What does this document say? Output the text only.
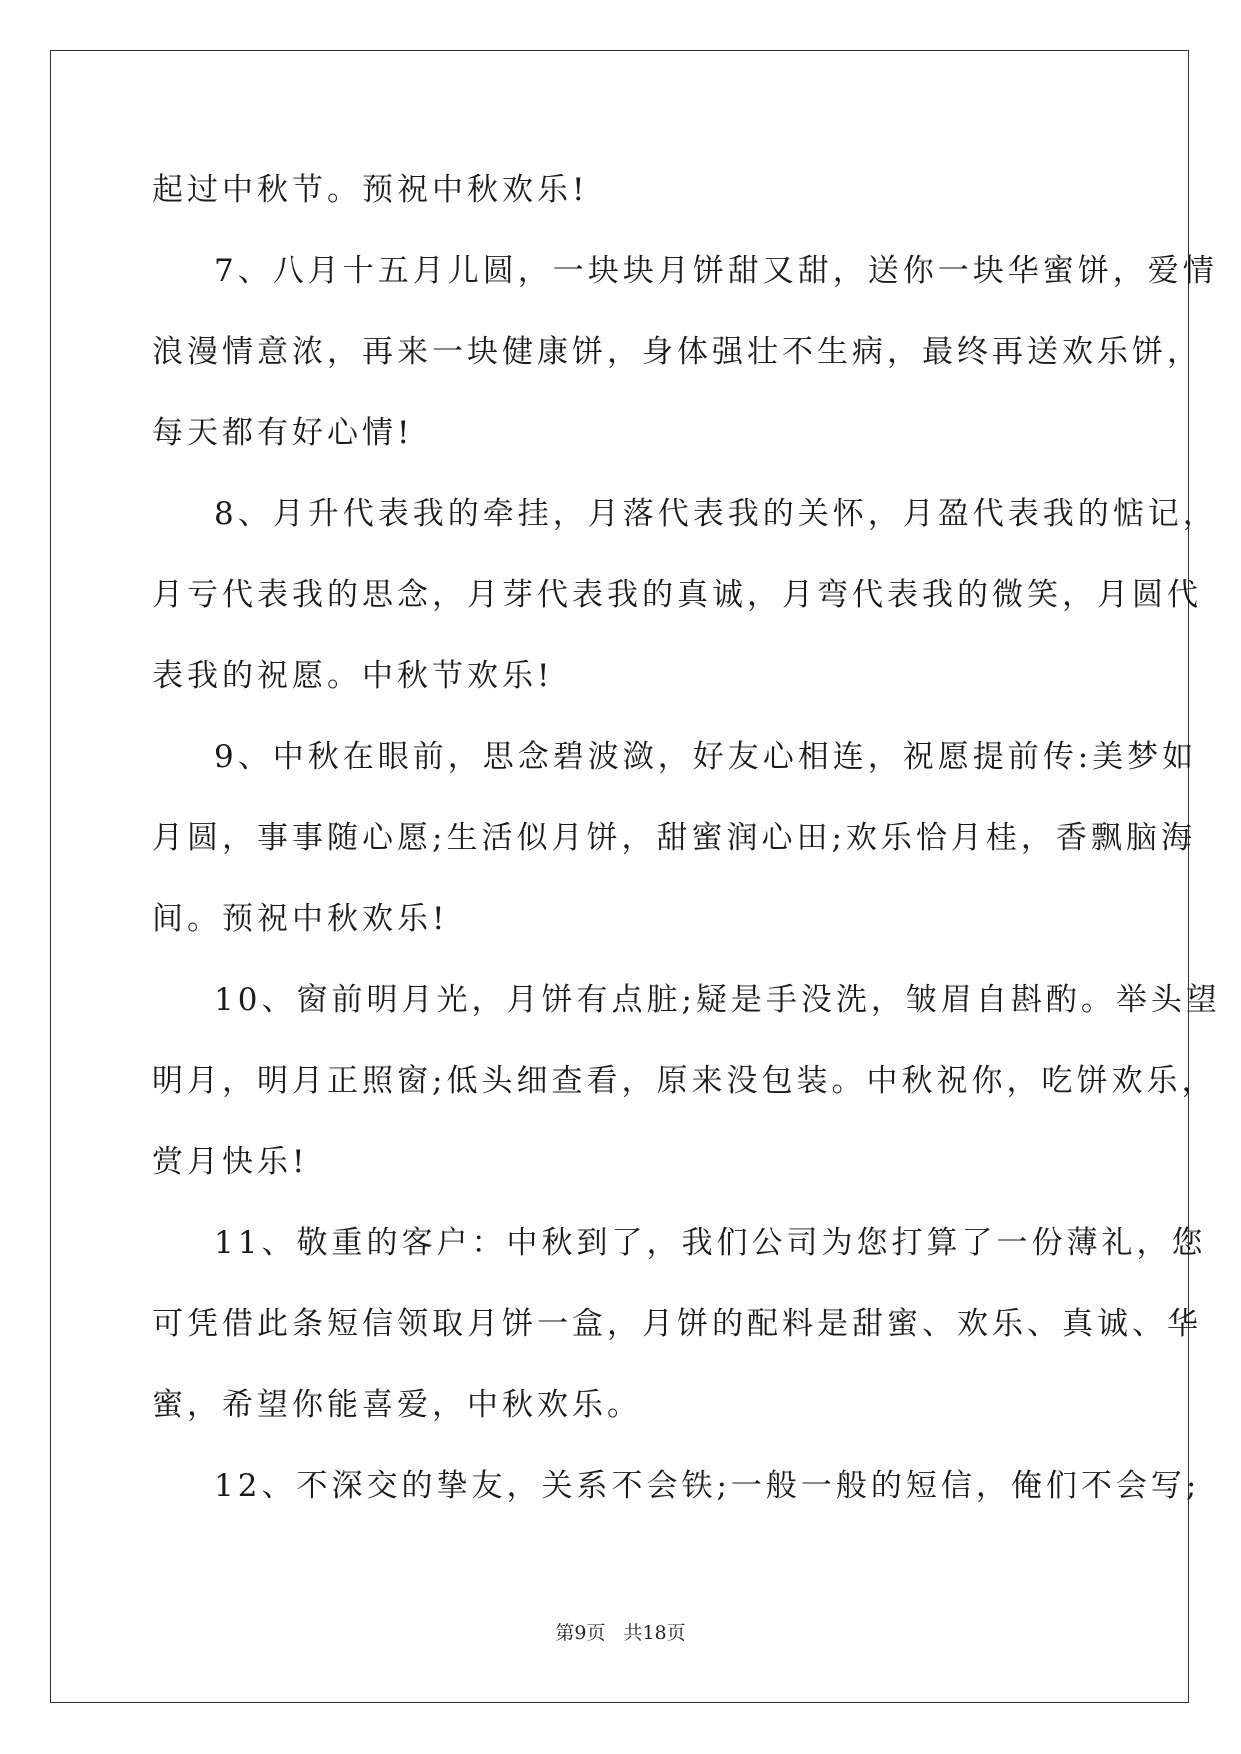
起过中秋节。预祝中秋欢乐!
7、八月十五月儿圆，一块块月饼甜又甜，送你一块华蜜饼，爱情
浪漫情意浓，再来一块健康饼，身体强壮不生病，最终再送欢乐饼，
每天都有好心情!
8、月升代表我的牵挂，月落代表我的关怀，月盈代表我的惦记，
月亏代表我的思念，月芽代表我的真诚，月弯代表我的微笑，月圆代
表我的祝愿。中秋节欢乐!
9、中秋在眼前，思念碧波潋，好友心相连，祝愿提前传:美梦如
月圆，事事随心愿;生活似月饼，甜蜜润心田;欢乐恰月桂，香飘脑海
间。预祝中秋欢乐!
10、窗前明月光，月饼有点脏;疑是手没洗，皱眉自斟酌。举头望
明月，明月正照窗;低头细查看，原来没包装。中秋祝你，吃饼欢乐，
赏月快乐!
11、敬重的客户：中秋到了，我们公司为您打算了一份薄礼，您
可凭借此条短信领取月饼一盒，月饼的配料是甜蜜、欢乐、真诚、华
蜜，希望你能喜爱，中秋欢乐。
12、不深交的挚友，关系不会铁;一般一般的短信，俺们不会写;
第9页 共18页
